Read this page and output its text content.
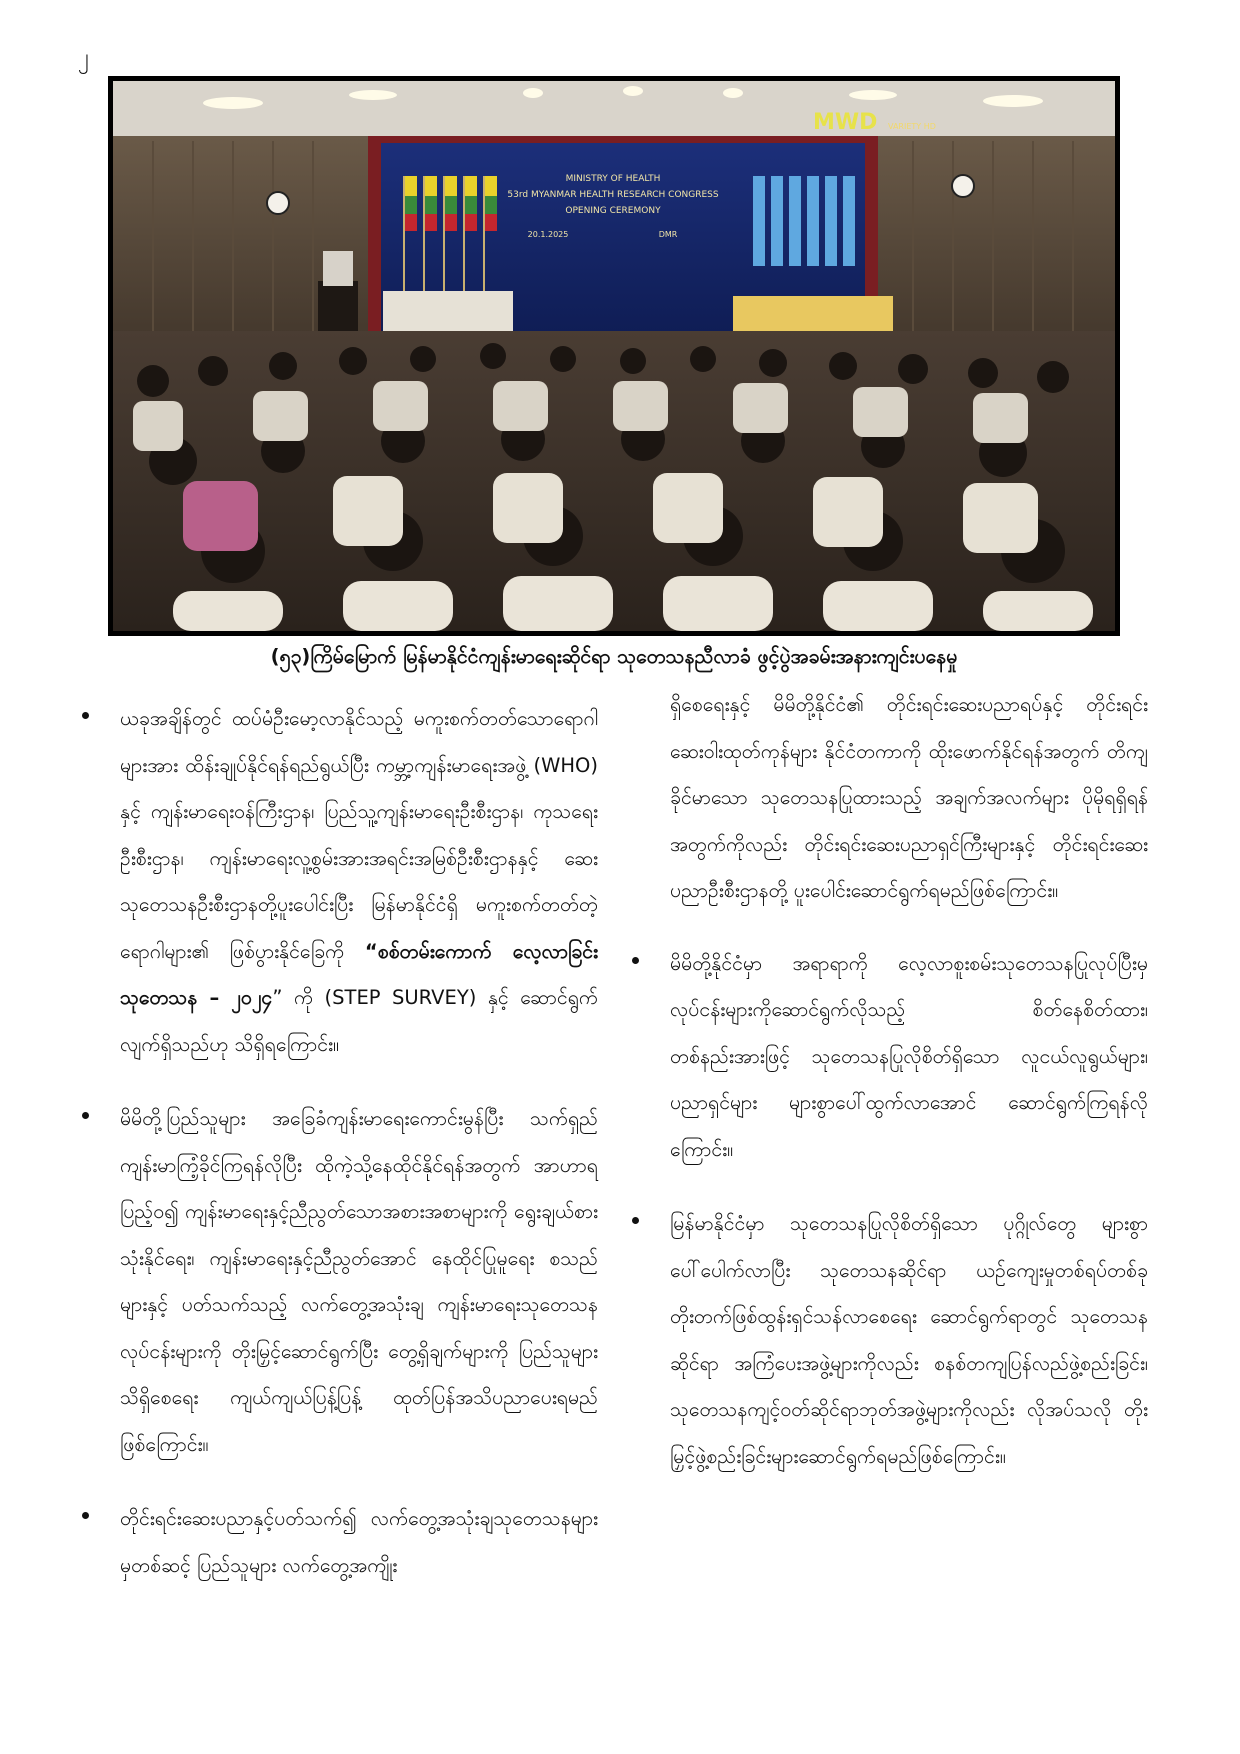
၂
MINISTRY OF HEALTH
53rd MYANMAR HEALTH RESEARCH CONGRESS
OPENING CEREMONY
20.1.2025	DMR
MWD VARIETY HD
(၅၃)ကြိမ်မြောက် မြန်မာနိုင်ငံကျန်းမာရေးဆိုင်ရာ သုတေသနညီလာခံ ဖွင့်ပွဲအခမ်းအနားကျင်းပနေမှု
ယခုအချိန်တွင် ထပ်မံဦးမော့လာနိုင်သည့် မကူးစက်တတ်သောရောဂါများအား ထိန်းချုပ်နိုင်ရန်ရည်ရွယ်ပြီး ကမ္ဘာ့ကျန်းမာရေးအဖွဲ့ (WHO) နှင့် ကျန်းမာရေးဝန်ကြီးဌာန၊ ပြည်သူ့ကျန်းမာရေးဦးစီးဌာန၊ ကုသရေးဦးစီးဌာန၊ ကျန်းမာရေးလူ့စွမ်းအားအရင်းအမြစ်ဦးစီးဌာနနှင့် ဆေးသုတေသနဦးစီးဌာနတို့ပူးပေါင်းပြီး မြန်မာနိုင်ငံရှိ မကူးစက်တတ်တဲ့ရောဂါများ၏ ဖြစ်ပွားနိုင်ခြေကို “စစ်တမ်းကောက် လေ့လာခြင်းသုတေသန – ၂၀၂၄” ကို (STEP SURVEY) နှင့် ဆောင်ရွက်လျက်ရှိသည်ဟု သိရှိရကြောင်း။
မိမိတို့ပြည်သူများ အခြေခံကျန်းမာရေးကောင်းမွန်ပြီး သက်ရှည်ကျန်းမာကြံ့ခိုင်ကြရန်လိုပြီး ထိုကဲ့သို့နေထိုင်နိုင်ရန်အတွက် အာဟာရပြည့်ဝ၍ ကျန်းမာရေးနှင့်ညီညွတ်သောအစားအစာများကို ရွေးချယ်စားသုံးနိုင်ရေး၊ ကျန်းမာရေးနှင့်ညီညွတ်အောင် နေထိုင်ပြုမူရေး စသည်များနှင့် ပတ်သက်သည့် လက်တွေ့အသုံးချ ကျန်းမာရေးသုတေသနလုပ်ငန်းများကို တိုးမြှင့်ဆောင်ရွက်ပြီး တွေ့ရှိချက်များကို ပြည်သူများသိရှိစေရေး ကျယ်ကျယ်ပြန့်ပြန့် ထုတ်ပြန်အသိပညာပေးရမည်ဖြစ်ကြောင်း။
တိုင်းရင်းဆေးပညာနှင့်ပတ်သက်၍ လက်တွေ့အသုံးချသုတေသနများမှတစ်ဆင့် ပြည်သူများ လက်တွေ့အကျိုး
ရှိစေရေးနှင့် မိမိတို့နိုင်ငံ၏ တိုင်းရင်းဆေးပညာရပ်နှင့် တိုင်းရင်းဆေးဝါးထုတ်ကုန်များ နိုင်ငံတကာကို ထိုးဖောက်နိုင်ရန်အတွက် တိကျခိုင်မာသော သုတေသနပြုထားသည့် အချက်အလက်များ ပိုမိုရရှိရန်အတွက်ကိုလည်း တိုင်းရင်းဆေးပညာရှင်ကြီးများနှင့် တိုင်းရင်းဆေးပညာဦးစီးဌာနတို့ ပူးပေါင်းဆောင်ရွက်ရမည်ဖြစ်ကြောင်း။
မိမိတို့နိုင်ငံမှာ အရာရာကို လေ့လာစူးစမ်းသုတေသနပြုလုပ်ပြီးမှ လုပ်ငန်းများကိုဆောင်ရွက်လိုသည့် စိတ်နေစိတ်ထား၊ တစ်နည်းအားဖြင့် သုတေသနပြုလိုစိတ်ရှိသော လူငယ်လူရွယ်များ၊ ပညာရှင်များ များစွာပေါ်ထွက်လာအောင် ဆောင်ရွက်ကြရန်လိုကြောင်း။
မြန်မာနိုင်ငံမှာ သုတေသနပြုလိုစိတ်ရှိသော ပုဂ္ဂိုလ်တွေ များစွာပေါ်ပေါက်လာပြီး သုတေသနဆိုင်ရာ ယဉ်ကျေးမှုတစ်ရပ်တစ်ခု တိုးတက်ဖြစ်ထွန်းရှင်သန်လာစေရေး ဆောင်ရွက်ရာတွင် သုတေသနဆိုင်ရာ အကြံပေးအဖွဲ့များကိုလည်း စနစ်တကျပြန်လည်ဖွဲ့စည်းခြင်း၊ သုတေသနကျင့်ဝတ်ဆိုင်ရာဘုတ်အဖွဲ့များကိုလည်း လိုအပ်သလို တိုးမြှင့်ဖွဲ့စည်းခြင်းများဆောင်ရွက်ရမည်ဖြစ်ကြောင်း။
